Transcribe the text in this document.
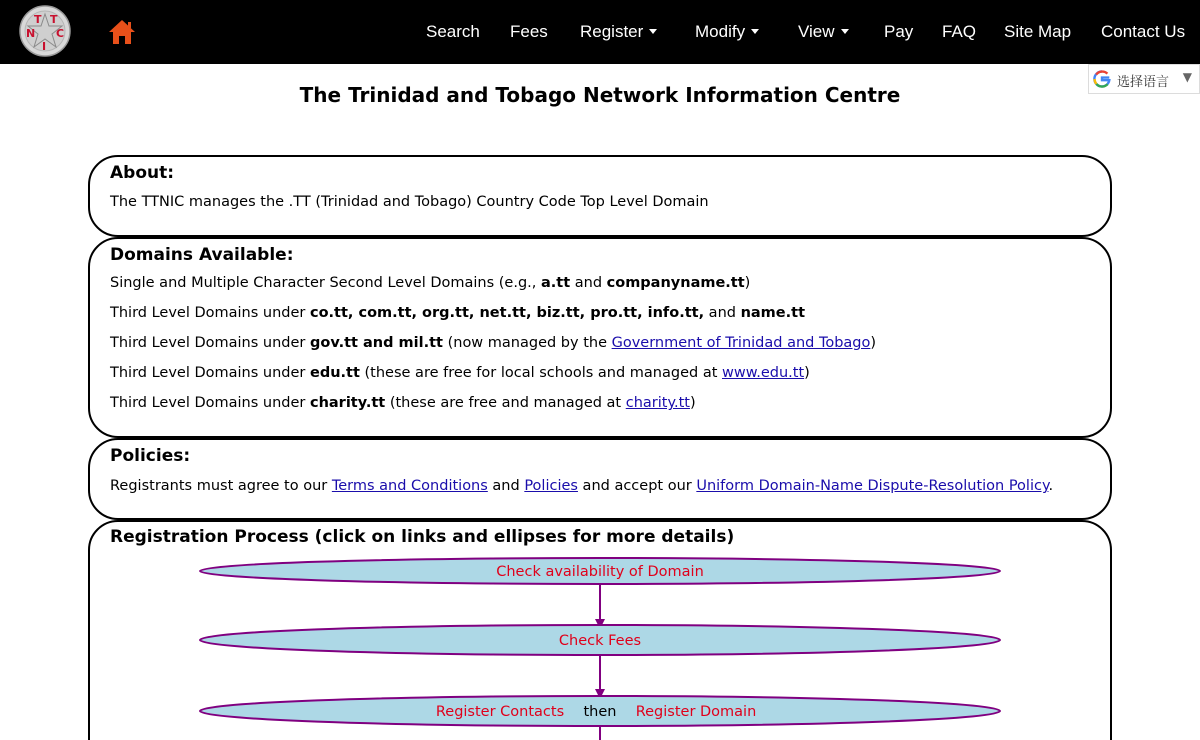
T T
N C
I
Search Fees Register	Modify	View	Pay FAQ Site Map Contact Us
选择语言 ▼
The Trinidad and Tobago Network Information Centre
About:
The TTNIC manages the .TT (Trinidad and Tobago) Country Code Top Level Domain
Domains Available:
Single and Multiple Character Second Level Domains (e.g., a.tt and companyname.tt)
Third Level Domains under co.tt, com.tt, org.tt, net.tt, biz.tt, pro.tt, info.tt, and name.tt
Third Level Domains under gov.tt and mil.tt (now managed by the Government of Trinidad and Tobago)
Third Level Domains under edu.tt (these are free for local schools and managed at www.edu.tt)
Third Level Domains under charity.tt (these are free and managed at charity.tt)
Policies:
Registrants must agree to our Terms and Conditions and Policies and accept our Uniform Domain-Name Dispute-Resolution Policy.
Registration Process (click on links and ellipses for more details)
Check availability of Domain
Check Fees
Register Contacts then Register Domain
